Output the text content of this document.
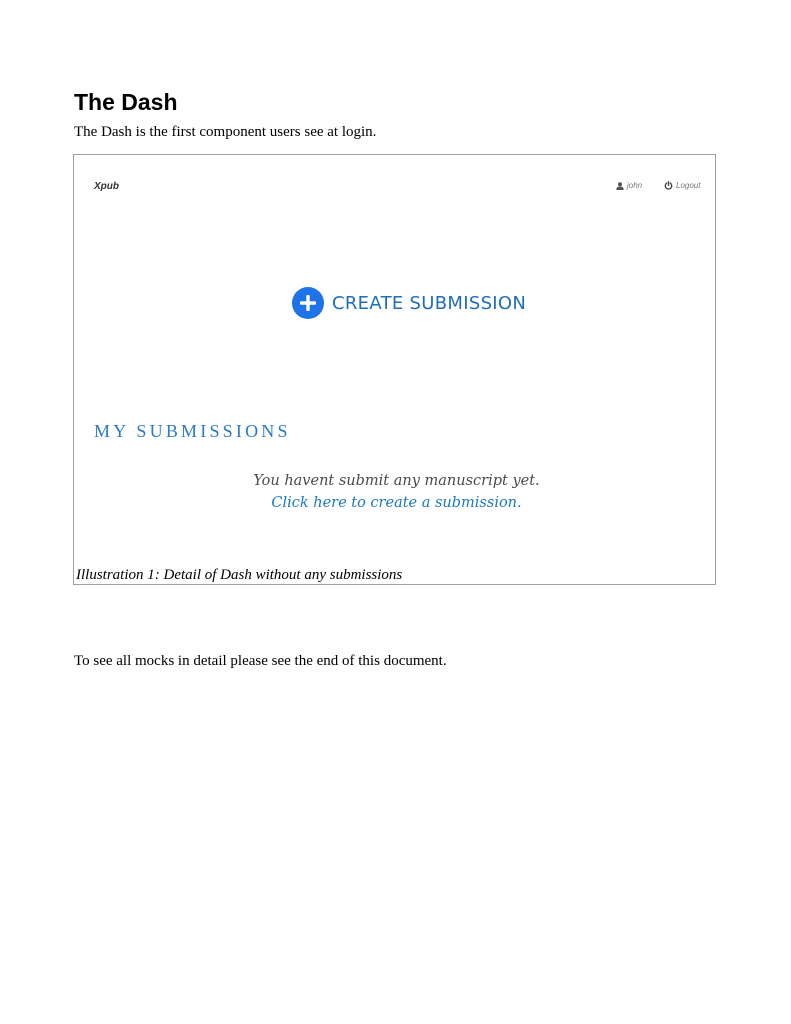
The Dash

The Dash is the first component users see at login.

Xpub	john	Logout
CREATE SUBMISSION
MY SUBMISSIONS
You havent submit any manuscript yet.
Click here to create a submission.
Illustration 1: Detail of Dash without any submissions

To see all mocks in detail please see the end of this document.
